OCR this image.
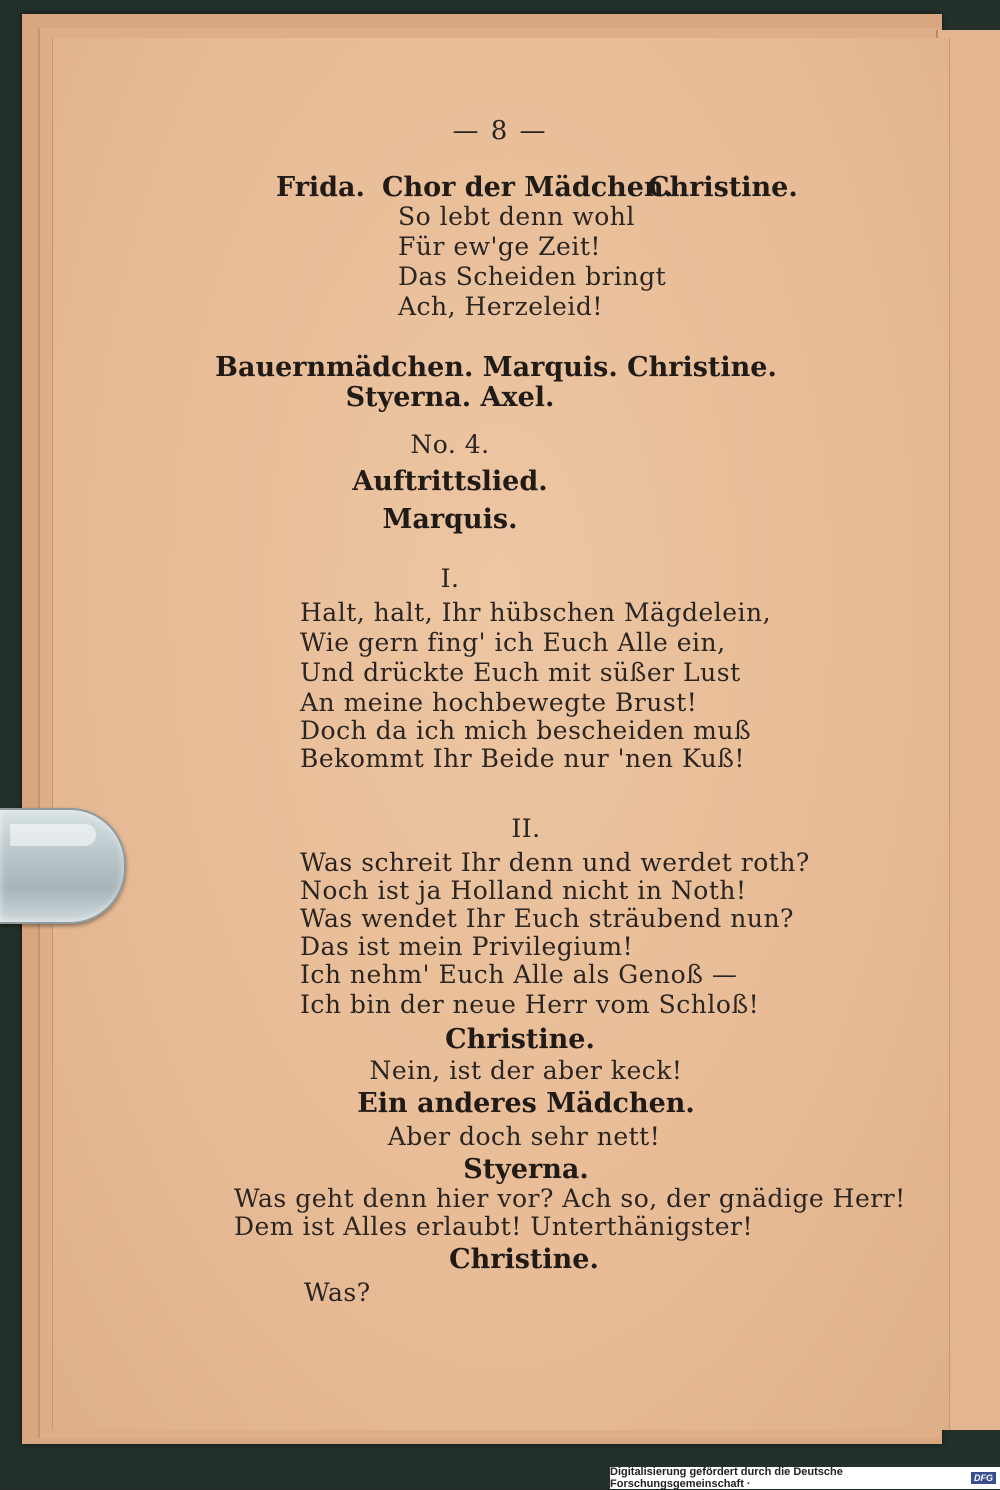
— 8 —
Frida. Chor der Mädchen.
Christine.
So lebt denn wohl
Für ew'ge Zeit!
Das Scheiden bringt
Ach, Herzeleid!
Bauernmädchen. Marquis. Christine.
Styerna. Axel.
No. 4.
Auftrittslied.
Marquis.
I.
Halt, halt, Ihr hübschen Mägdelein,
Wie gern fing' ich Euch Alle ein,
Und drückte Euch mit süßer Lust
An meine hochbewegte Brust!
Doch da ich mich bescheiden muß
Bekommt Ihr Beide nur 'nen Kuß!
II.
Was schreit Ihr denn und werdet roth?
Noch ist ja Holland nicht in Noth!
Was wendet Ihr Euch sträubend nun?
Das ist mein Privilegium!
Ich nehm' Euch Alle als Genoß —
Ich bin der neue Herr vom Schloß!
Christine.
Nein, ist der aber keck!
Ein anderes Mädchen.
Aber doch sehr nett!
Styerna.
Was geht denn hier vor? Ach so, der gnädige Herr!
Dem ist Alles erlaubt! Unterthänigster!
Christine.
Was?
Digitalisierung gefördert durch die Deutsche Forschungsgemeinschaft ·	DFG
